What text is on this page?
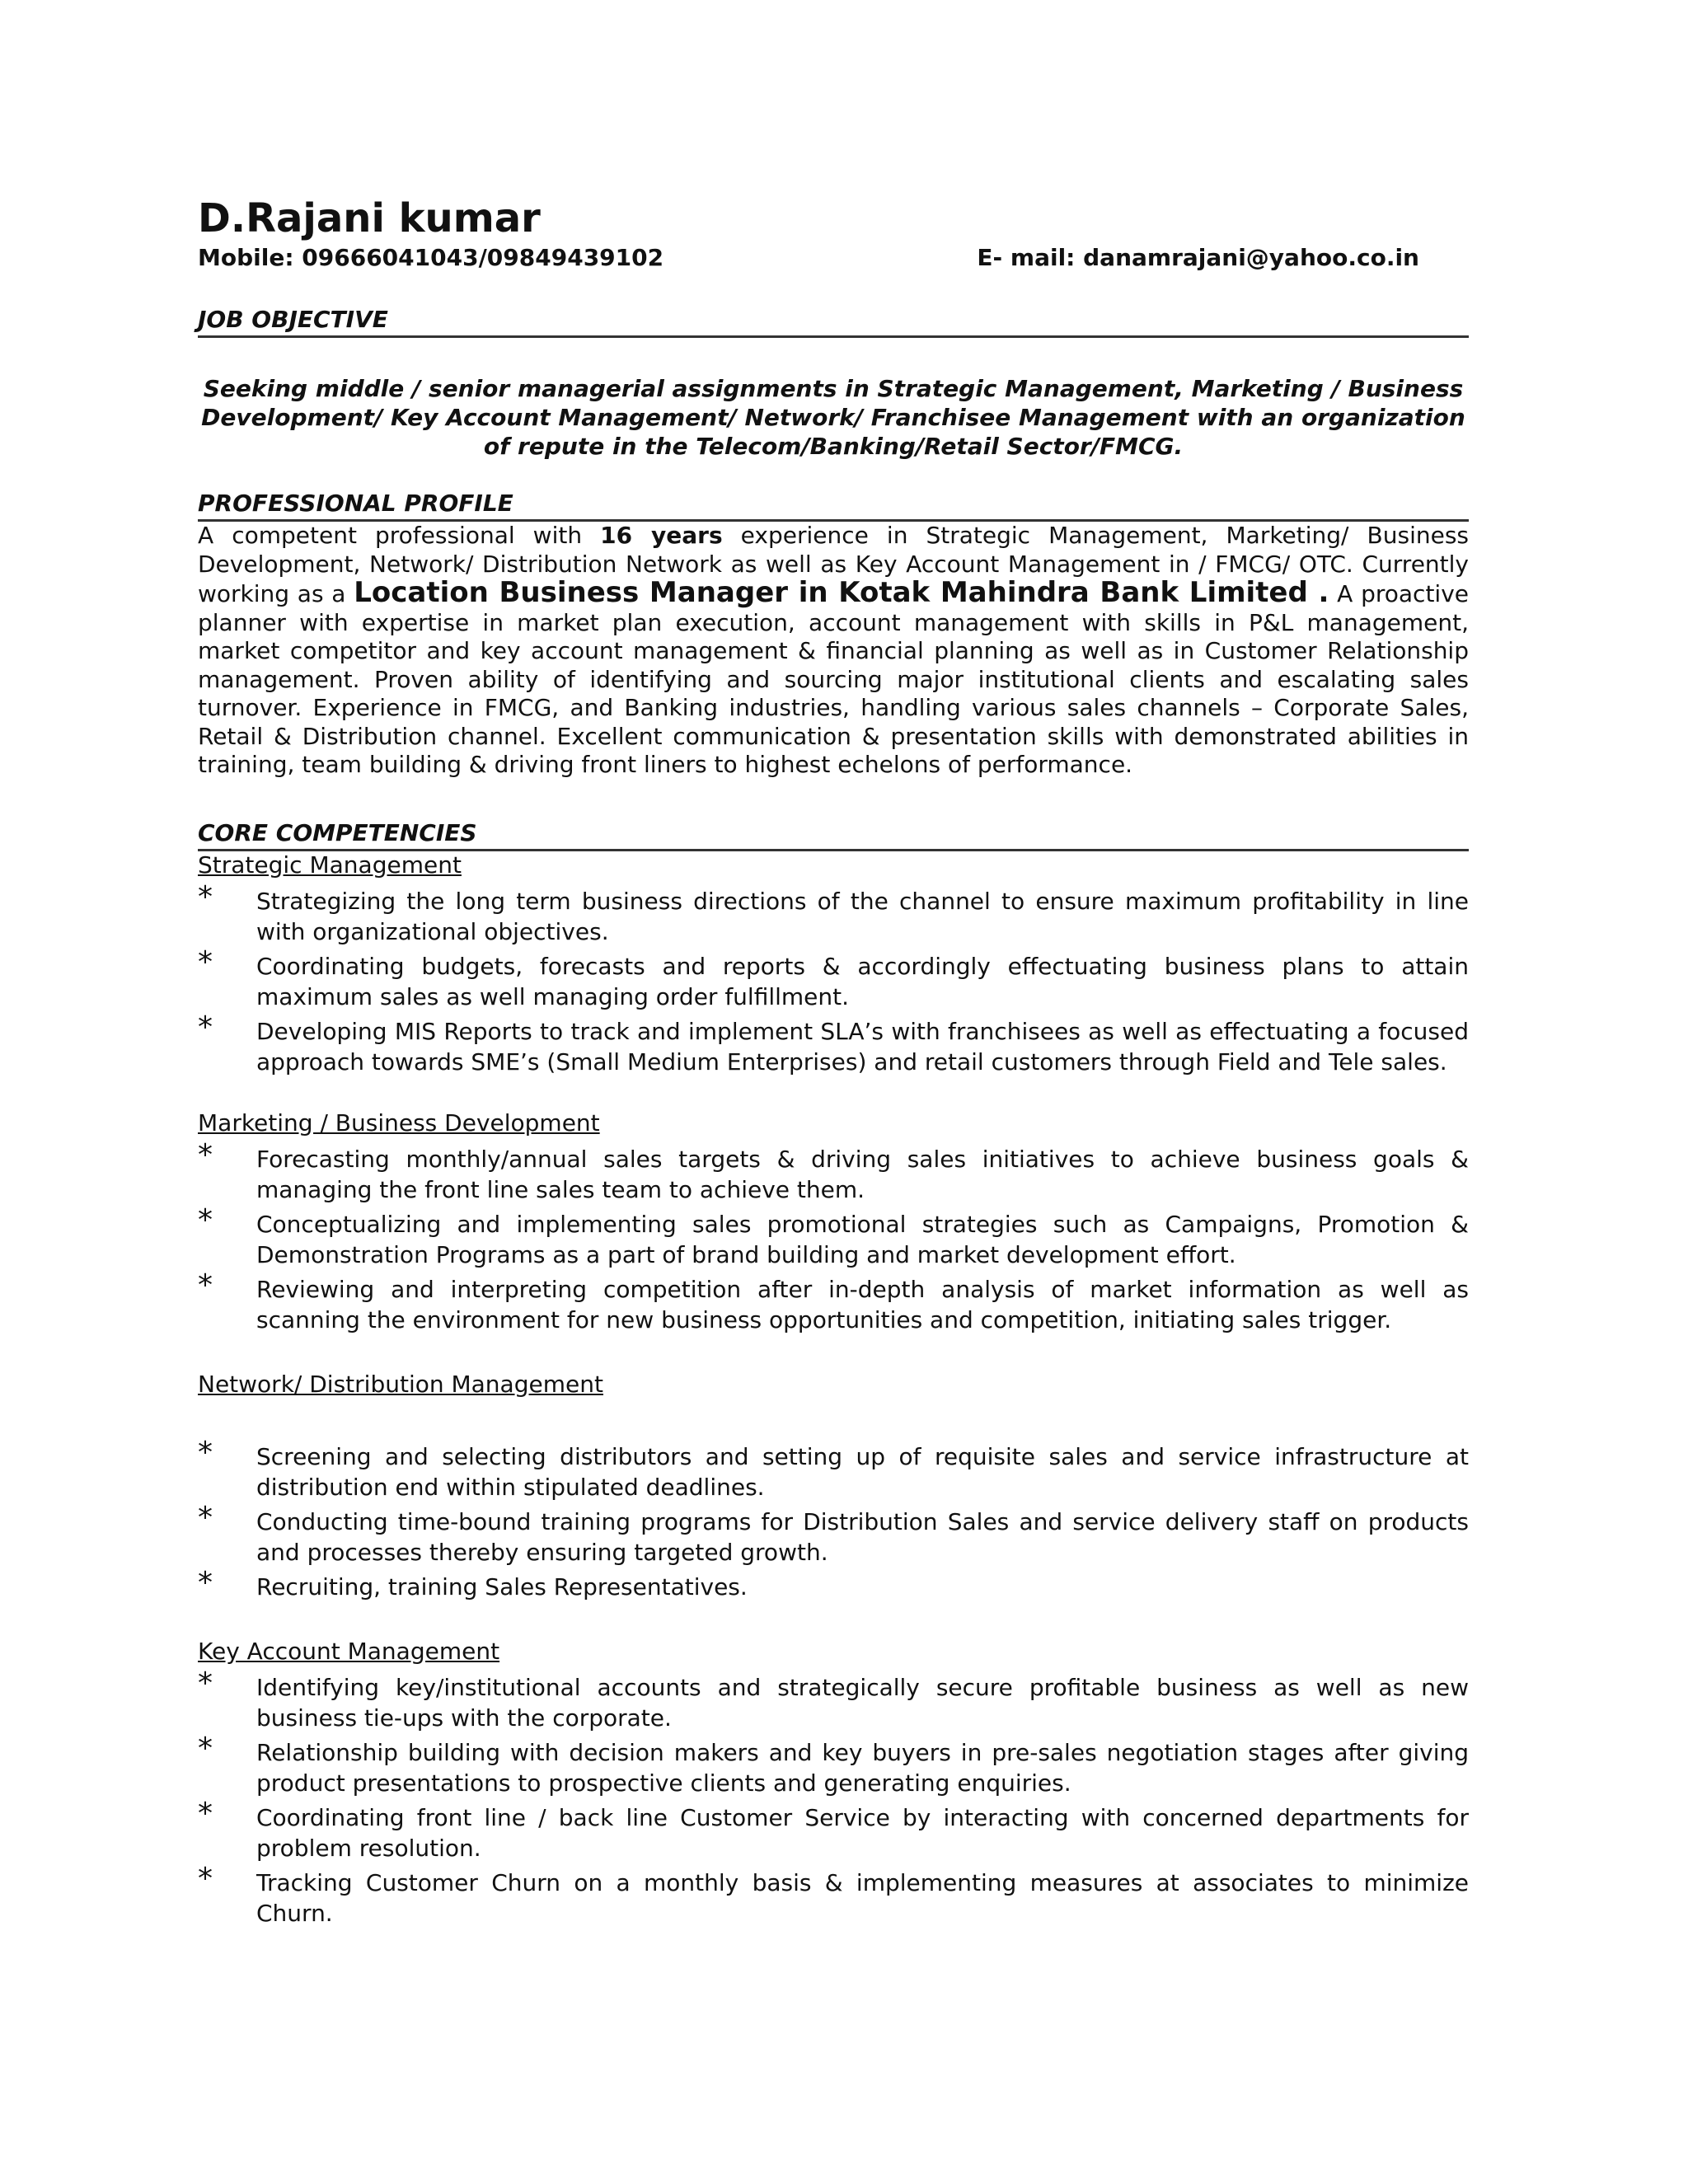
D.Rajani kumar
Mobile: 09666041043/09849439102	E- mail: danamrajani@yahoo.co.in
JOB OBJECTIVE

Seeking middle / senior managerial assignments in Strategic Management, Marketing / Business Development/ Key Account Management/ Network/ Franchisee Management with an organization of repute in the Telecom/Banking/Retail Sector/FMCG.

PROFESSIONAL PROFILE

A competent professional with 16 years experience in Strategic Management, Marketing/ Business Development, Network/ Distribution Network as well as Key Account Management in / FMCG/ OTC. Currently working as a Location Business Manager in Kotak Mahindra Bank Limited . A proactive planner with expertise in market plan execution, account management with skills in P&L management, market competitor and key account management & financial planning as well as in Customer Relationship management. Proven ability of identifying and sourcing major institutional clients and escalating sales turnover. Experience in FMCG, and Banking industries, handling various sales channels – Corporate Sales, Retail & Distribution channel. Excellent communication & presentation skills with demonstrated abilities in training, team building & driving front liners to highest echelons of performance.

CORE COMPETENCIES

Strategic Management

* Strategizing the long term business directions of the channel to ensure maximum profitability in line with organizational objectives.
* Coordinating budgets, forecasts and reports & accordingly effectuating business plans to attain maximum sales as well managing order fulfillment.
* Developing MIS Reports to track and implement SLA’s with franchisees as well as effectuating a focused approach towards SME’s (Small Medium Enterprises) and retail customers through Field and Tele sales.

Marketing / Business Development

* Forecasting monthly/annual sales targets & driving sales initiatives to achieve business goals & managing the front line sales team to achieve them.
* Conceptualizing and implementing sales promotional strategies such as Campaigns, Promotion & Demonstration Programs as a part of brand building and market development effort.
* Reviewing and interpreting competition after in-depth analysis of market information as well as scanning the environment for new business opportunities and competition, initiating sales trigger.

Network/ Distribution Management

* Screening and selecting distributors and setting up of requisite sales and service infrastructure at distribution end within stipulated deadlines.
* Conducting time-bound training programs for Distribution Sales and service delivery staff on products and processes thereby ensuring targeted growth.
* Recruiting, training Sales Representatives.

Key Account Management

* Identifying key/institutional accounts and strategically secure profitable business as well as new business tie-ups with the corporate.
* Relationship building with decision makers and key buyers in pre-sales negotiation stages after giving product presentations to prospective clients and generating enquiries.
* Coordinating front line / back line Customer Service by interacting with concerned departments for problem resolution.
* Tracking Customer Churn on a monthly basis & implementing measures at associates to minimize Churn.
